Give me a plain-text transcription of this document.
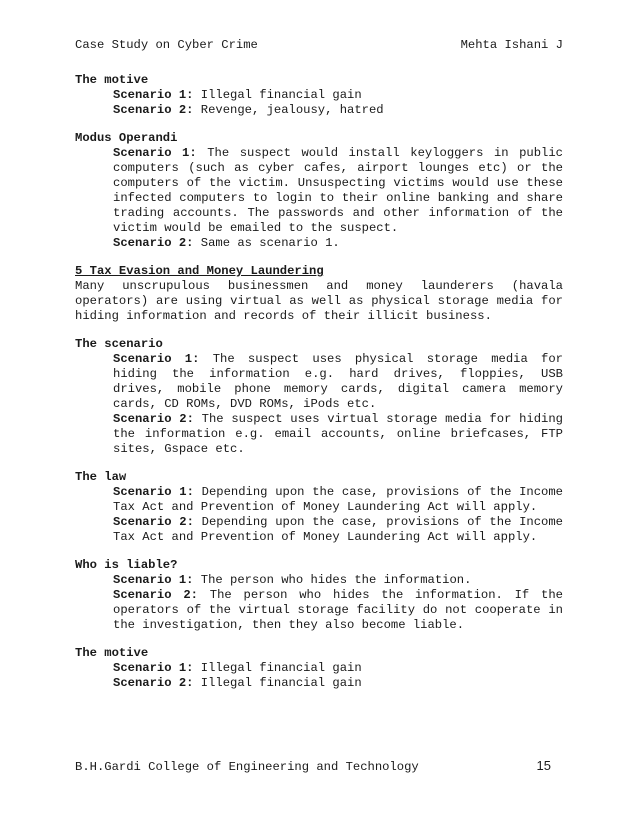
Case Study on Cyber Crime	Mehta Ishani J
The motive
Scenario 1: Illegal financial gain
Scenario 2: Revenge, jealousy, hatred
Modus Operandi
Scenario 1: The suspect would install keyloggers in public computers (such as cyber cafes, airport lounges etc) or the computers of the victim. Unsuspecting victims would use these infected computers to login to their online banking and share trading accounts. The passwords and other information of the victim would be emailed to the suspect.
Scenario 2: Same as scenario 1.
5 Tax Evasion and Money Laundering
Many unscrupulous businessmen and money launderers (havala operators) are using virtual as well as physical storage media for hiding information and records of their illicit business.
The scenario
Scenario 1: The suspect uses physical storage media for hiding the information e.g. hard drives, floppies, USB drives, mobile phone memory cards, digital camera memory cards, CD ROMs, DVD ROMs, iPods etc.
Scenario 2: The suspect uses virtual storage media for hiding the information e.g. email accounts, online briefcases, FTP sites, Gspace etc.
The law
Scenario 1: Depending upon the case, provisions of the Income Tax Act and Prevention of Money Laundering Act will apply.
Scenario 2: Depending upon the case, provisions of the Income Tax Act and Prevention of Money Laundering Act will apply.
Who is liable?
Scenario 1: The person who hides the information.
Scenario 2: The person who hides the information. If the operators of the virtual storage facility do not cooperate in the investigation, then they also become liable.
The motive
Scenario 1: Illegal financial gain
Scenario 2: Illegal financial gain
B.H.Gardi College of Engineering and Technology	15
